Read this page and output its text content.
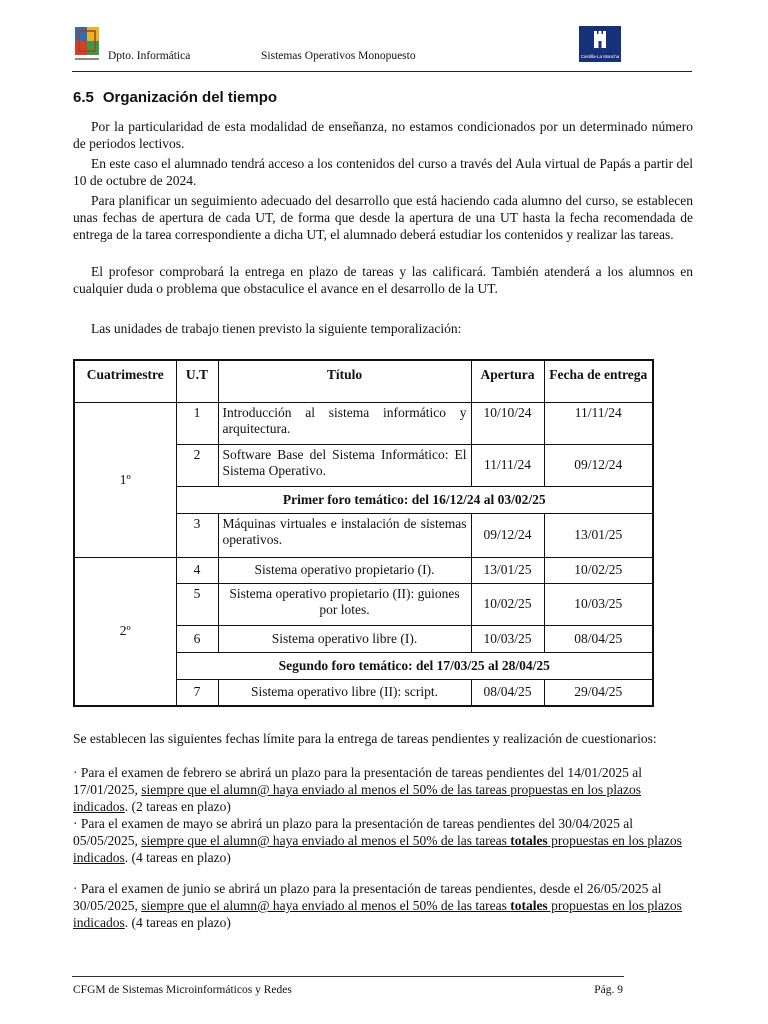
Dpto. Informática	Sistemas Operativos Monopuesto	Castilla-La Mancha
6.5 Organización del tiempo
Por la particularidad de esta modalidad de enseñanza, no estamos condicionados por un determinado número de periodos lectivos.
En este caso el alumnado tendrá acceso a los contenidos del curso a través del Aula virtual de Papás a partir del 10 de octubre de 2024.
Para planificar un seguimiento adecuado del desarrollo que está haciendo cada alumno del curso, se establecen unas fechas de apertura de cada UT, de forma que desde la apertura de una UT hasta la fecha recomendada de entrega de la tarea correspondiente a dicha UT, el alumnado deberá estudiar los contenidos y realizar las tareas.
El profesor comprobará la entrega en plazo de tareas y las calificará. También atenderá a los alumnos en cualquier duda o problema que obstaculice el avance en el desarrollo de la UT.
Las unidades de trabajo tienen previsto la siguiente temporalización:
Cuatrimestre	U.T	Título	Apertura	Fecha de entrega
1º	1	Introducción al sistema informático y arquitectura.	10/10/24	11/11/24
	2	Software Base del Sistema Informático: El Sistema Operativo.	11/11/24	09/12/24
	Primer foro temático: del 16/12/24 al 03/02/25			
	3	Máquinas virtuales e instalación de sistemas operativos.	09/12/24	13/01/25
2º	4	Sistema operativo propietario (I).	13/01/25	10/02/25
	5	Sistema operativo propietario (II): guiones por lotes.	10/02/25	10/03/25
	6	Sistema operativo libre (I).	10/03/25	08/04/25
	Segundo foro temático: del 17/03/25 al 28/04/25			
	7	Sistema operativo libre (II): script.	08/04/25	29/04/25
Se establecen las siguientes fechas límite para la entrega de tareas pendientes y realización de cuestionarios:
· Para el examen de febrero se abrirá un plazo para la presentación de tareas pendientes del 14/01/2025 al 17/01/2025, siempre que el alumn@ haya enviado al menos el 50% de las tareas propuestas en los plazos indicados. (2 tareas en plazo)
· Para el examen de mayo se abrirá un plazo para la presentación de tareas pendientes del 30/04/2025 al 05/05/2025, siempre que el alumn@ haya enviado al menos el 50% de las tareas totales propuestas en los plazos indicados. (4 tareas en plazo)
· Para el examen de junio se abrirá un plazo para la presentación de tareas pendientes, desde el 26/05/2025 al 30/05/2025, siempre que el alumn@ haya enviado al menos el 50% de las tareas totales propuestas en los plazos indicados. (4 tareas en plazo)
CFGM de Sistemas Microinformáticos y Redes	Pág. 9
